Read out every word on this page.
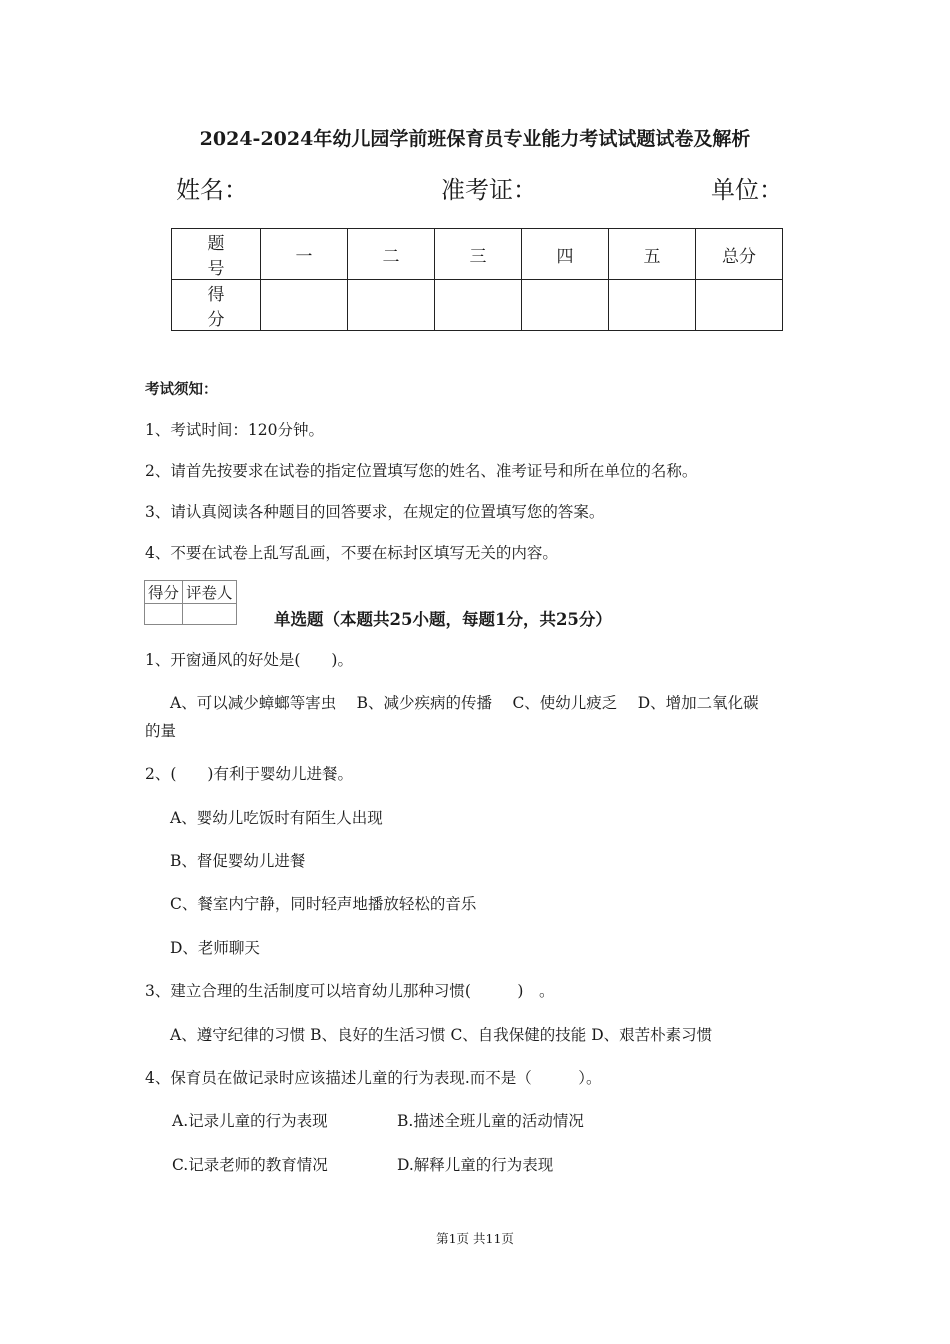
2024-2024年幼儿园学前班保育员专业能力考试试题试卷及解析
姓名：	准考证：	单位：
题　号	一	二	三	四	五	总分
得　分						
考试须知：
1、考试时间：120分钟。
2、请首先按要求在试卷的指定位置填写您的姓名、准考证号和所在单位的名称。
3、请认真阅读各种题目的回答要求，在规定的位置填写您的答案。
4、不要在试卷上乱写乱画，不要在标封区填写无关的内容。
得分	评卷人

单选题（本题共25小题，每题1分，共25分）
1、开窗通风的好处是(　　)。
A、可以减少蟑螂等害虫　 B、减少疾病的传播　 C、使幼儿疲乏　 D、增加二氧化碳
的量
2、(　　)有利于婴幼儿进餐。
A、婴幼儿吃饭时有陌生人出现
B、督促婴幼儿进餐
C、餐室内宁静，同时轻声地播放轻松的音乐
D、老师聊天
3、建立合理的生活制度可以培育幼儿那种习惯(　　　)　。
A、遵守纪律的习惯 B、良好的生活习惯 C、自我保健的技能 D、艰苦朴素习惯
4、保育员在做记录时应该描述儿童的行为表现.而不是（　　　）。
A.记录儿童的行为表现	B.描述全班儿童的活动情况
C.记录老师的教育情况	D.解释儿童的行为表现
第1页 共11页
